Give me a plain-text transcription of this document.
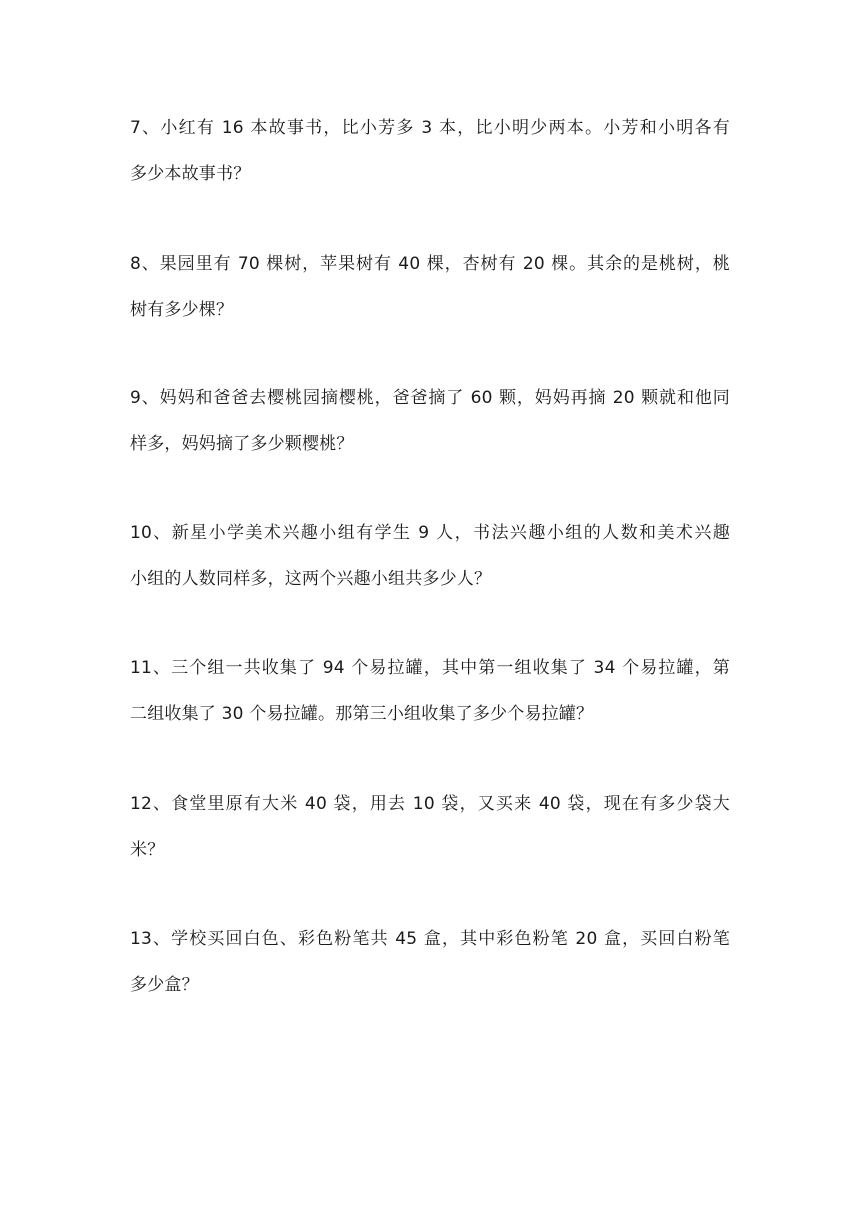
7、小红有 16 本故事书，比小芳多 3 本，比小明少两本。小芳和小明各有
多少本故事书？

8、果园里有 70 棵树，苹果树有 40 棵，杏树有 20 棵。其余的是桃树，桃
树有多少棵？

9、妈妈和爸爸去樱桃园摘樱桃，爸爸摘了 60 颗，妈妈再摘 20 颗就和他同
样多，妈妈摘了多少颗樱桃？

10、新星小学美术兴趣小组有学生 9 人，书法兴趣小组的人数和美术兴趣
小组的人数同样多，这两个兴趣小组共多少人？

11、三个组一共收集了 94 个易拉罐，其中第一组收集了 34 个易拉罐，第
二组收集了 30 个易拉罐。那第三小组收集了多少个易拉罐？

12、食堂里原有大米 40 袋，用去 10 袋，又买来 40 袋，现在有多少袋大
米？

13、学校买回白色、彩色粉笔共 45 盒，其中彩色粉笔 20 盒，买回白粉笔
多少盒？
